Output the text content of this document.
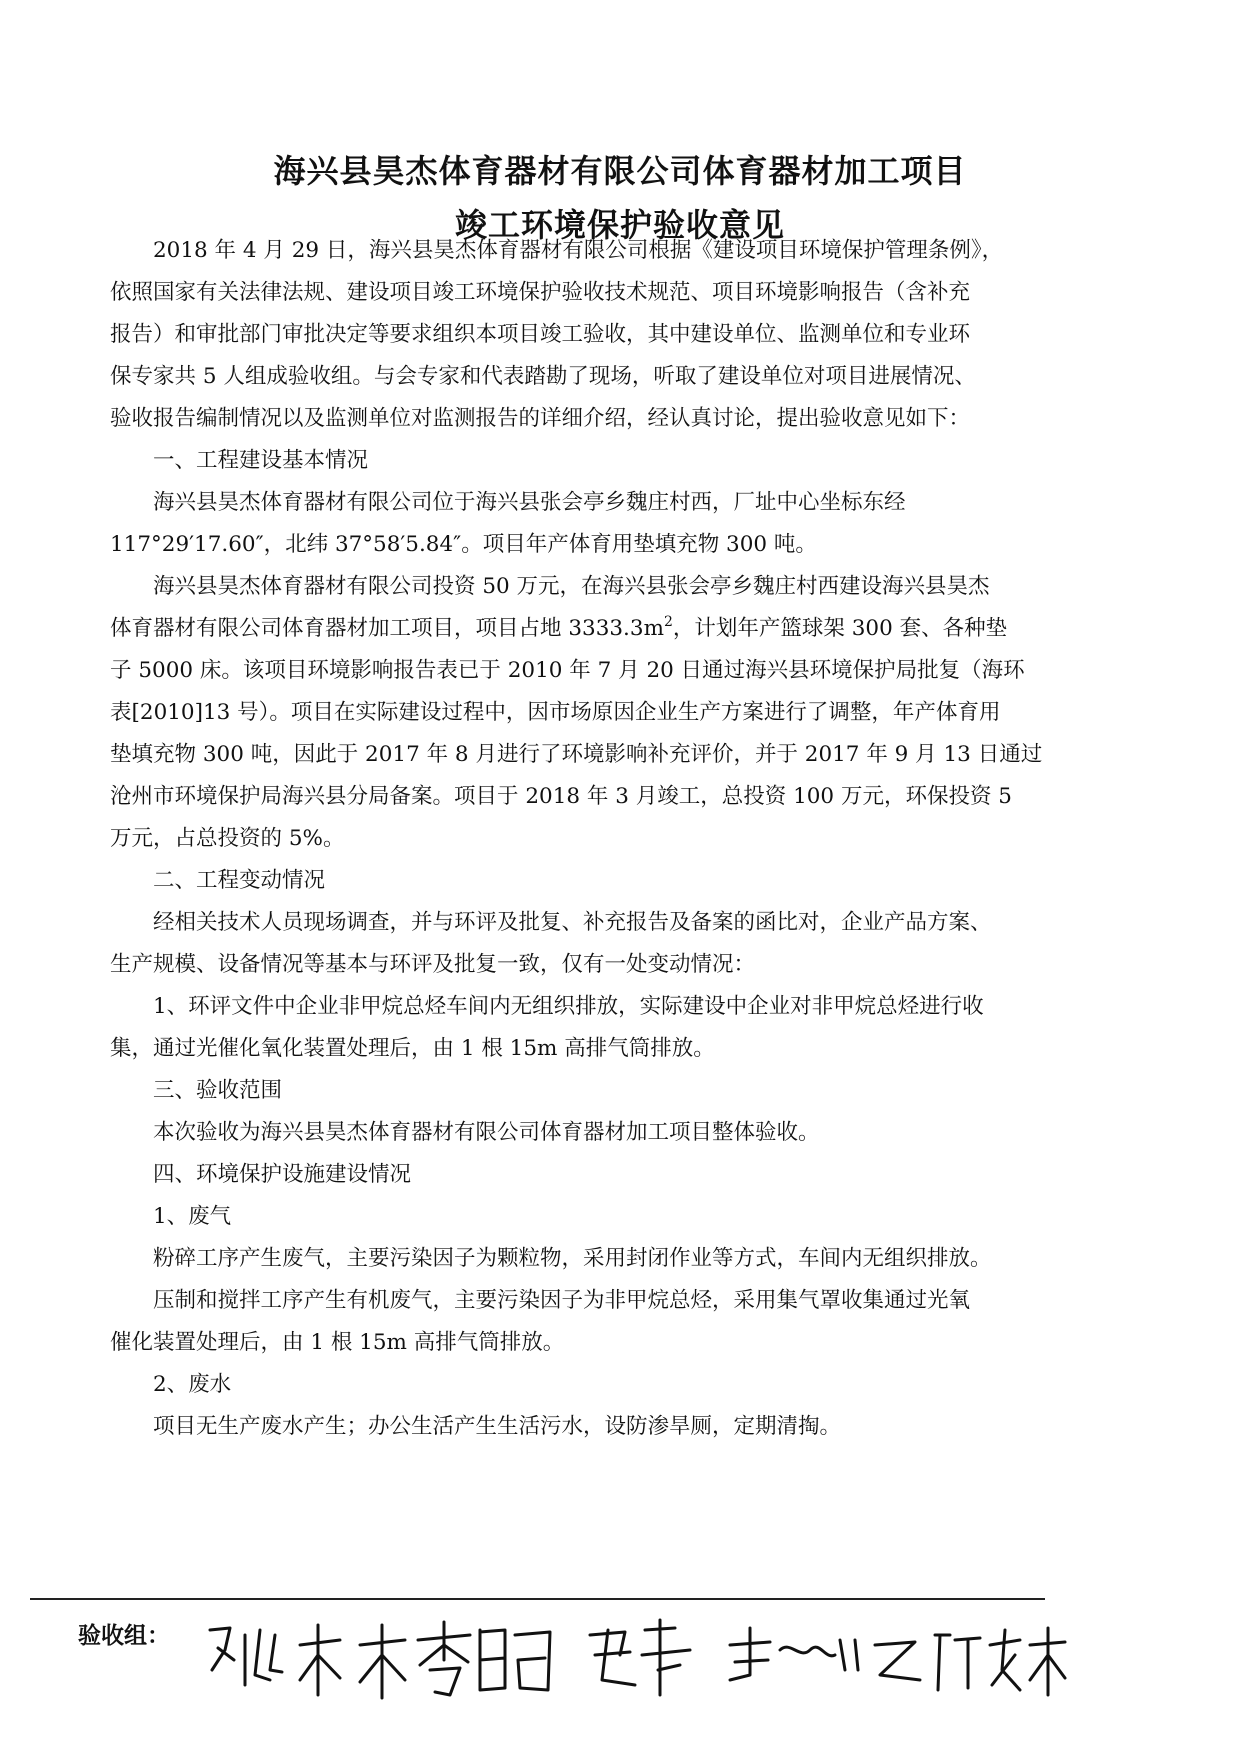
海兴县昊杰体育器材有限公司体育器材加工项目
竣工环境保护验收意见
2018 年 4 月 29 日，海兴县昊杰体育器材有限公司根据《建设项目环境保护管理条例》，
依照国家有关法律法规、建设项目竣工环境保护验收技术规范、项目环境影响报告（含补充
报告）和审批部门审批决定等要求组织本项目竣工验收，其中建设单位、监测单位和专业环
保专家共 5 人组成验收组。与会专家和代表踏勘了现场，听取了建设单位对项目进展情况、
验收报告编制情况以及监测单位对监测报告的详细介绍，经认真讨论，提出验收意见如下：
一、工程建设基本情况
海兴县昊杰体育器材有限公司位于海兴县张会亭乡魏庄村西，厂址中心坐标东经
117°29′17.60″，北纬 37°58′5.84″。项目年产体育用垫填充物 300 吨。
海兴县昊杰体育器材有限公司投资 50 万元，在海兴县张会亭乡魏庄村西建设海兴县昊杰
体育器材有限公司体育器材加工项目，项目占地 $3333.3m^2$，计划年产篮球架 300 套、各种垫
子 5000 床。该项目环境影响报告表已于 2010 年 7 月 20 日通过海兴县环境保护局批复（海环
表[2010]13 号）。项目在实际建设过程中，因市场原因企业生产方案进行了调整，年产体育用
垫填充物 300 吨，因此于 2017 年 8 月进行了环境影响补充评价，并于 2017 年 9 月 13 日通过
沧州市环境保护局海兴县分局备案。项目于 2018 年 3 月竣工，总投资 100 万元，环保投资 5
万元，占总投资的 5%。
二、工程变动情况
经相关技术人员现场调查，并与环评及批复、补充报告及备案的函比对，企业产品方案、
生产规模、设备情况等基本与环评及批复一致，仅有一处变动情况：
1、环评文件中企业非甲烷总烃车间内无组织排放，实际建设中企业对非甲烷总烃进行收
集，通过光催化氧化装置处理后，由 1 根 15m 高排气筒排放。
三、验收范围
本次验收为海兴县昊杰体育器材有限公司体育器材加工项目整体验收。
四、环境保护设施建设情况
1、废气
粉碎工序产生废气，主要污染因子为颗粒物，采用封闭作业等方式，车间内无组织排放。
压制和搅拌工序产生有机废气，主要污染因子为非甲烷总烃，采用集气罩收集通过光氧
催化装置处理后，由 1 根 15m 高排气筒排放。
2、废水
项目无生产废水产生；办公生活产生生活污水，设防渗旱厕，定期清掏。
验收组：
